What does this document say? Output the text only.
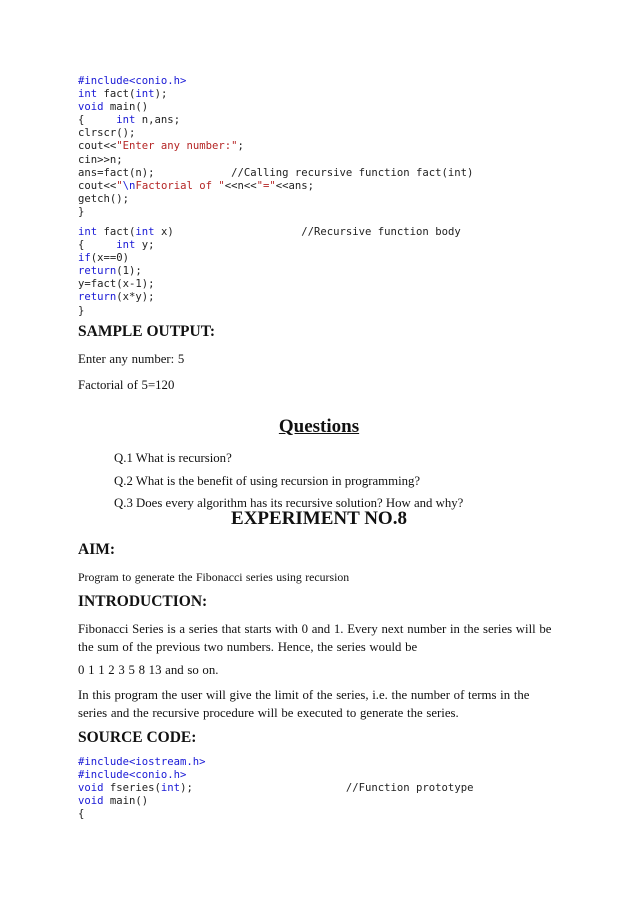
#include<conio.h>
int fact(int);
void main()
{     int n,ans;
clrscr();
cout<<"Enter any number:";
cin>>n;
ans=fact(n);            //Calling recursive function fact(int)
cout<<"\nFactorial of "<<n<<"="<<ans;
getch();
}
int fact(int x)                    //Recursive function body
{     int y;
if(x==0)
return(1);
y=fact(x-1);
return(x*y);
}

SAMPLE OUTPUT:

Enter any number: 5

Factorial of 5=120

Questions

Q.1 What is recursion?
Q.2 What is the benefit of using recursion in programming?
Q.3 Does every algorithm has its recursive solution? How and why?

EXPERIMENT NO.8

AIM:

Program to generate the Fibonacci series using recursion

INTRODUCTION:

Fibonacci Series is a series that starts with 0 and 1. Every next number in the series will be the sum of the previous two numbers. Hence, the series would be

0 1 1 2 3 5 8 13 and so on.

In this program the user will give the limit of the series, i.e. the number of terms in the series and the recursive procedure will be executed to generate the series.

SOURCE CODE:

#include<iostream.h>
#include<conio.h>
void fseries(int);                        //Function prototype
void main()
{
